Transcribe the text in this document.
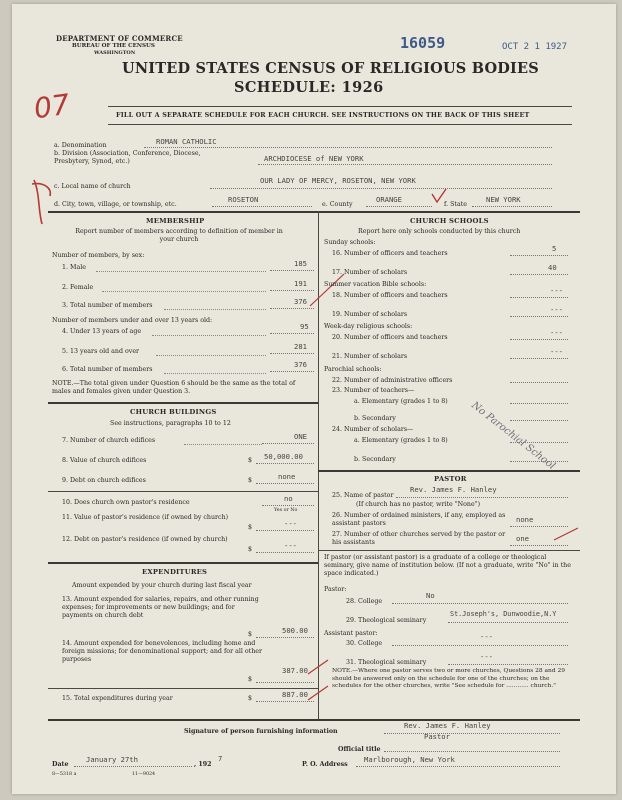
DEPARTMENT OF COMMERCE
BUREAU OF THE CENSUS
WASHINGTON
16059	OCT 2 1 1927
UNITED STATES CENSUS OF RELIGIOUS BODIES
SCHEDULE: 1926
07	FILL OUT A SEPARATE SCHEDULE FOR EACH CHURCH. SEE INSTRUCTIONS ON THE BACK OF THIS SHEET
a. Denomination	ROMAN CATHOLIC
b. Division (Association, Conference, Diocese, Presbytery, Synod, etc.)	ARCHDIOCESE of NEW YORK
c. Local name of church
OUR LADY OF MERCY, ROSETON, NEW YORK
d. City, town, village, or township, etc.
ROSETON
e. County
ORANGE
f. State
NEW YORK
MEMBERSHIP
Report number of members according to definition of member in your church
Number of members, by sex:
1. Male	185
2. Female	191
3. Total number of members	376
Number of members under and over 13 years old:
4. Under 13 years of age
95
5. 13 years old and over
281
6. Total number of members
376
NOTE.—The total given under Question 6 should be the same as the total of males and females given under Question 3.
CHURCH BUILDINGS
See instructions, paragraphs 10 to 12
7. Number of church edifices	ONE
8. Value of church edifices	$ 50,000.00
9. Debt on church edifices	$	none
10. Does church own pastor's residence	no
Yes or No
11. Value of pastor's residence (if owned by church)
$	---
12. Debt on pastor's residence (if owned by church)
$	---
EXPENDITURES
Amount expended by your church during last fiscal year
13. Amount expended for salaries, repairs, and other running expenses; for improvements or new buildings; and for payments on church debt
$	500.00
14. Amount expended for benevolences, including home and foreign missions; for denominational support; and for all other purposes
$
387.00
15. Total expenditures during year	$	887.00
CHURCH SCHOOLS
Report here only schools conducted by this church
Sunday schools:
16. Number of officers and teachers
5
17. Number of scholars
40
Summer vacation Bible schools:
18. Number of officers and teachers
---
19. Number of scholars
---
Week-day religious schools:
20. Number of officers and teachers
---
21. Number of scholars
---
Parochial schools:
22. Number of administrative officers
23. Number of teachers—
a. Elementary (grades 1 to 8)
b. Secondary
24. Number of scholars—
a. Elementary (grades 1 to 8)
b. Secondary	No Parochial School
PASTOR
25. Name of pastor
Rev. James F. Hanley
(If church has no pastor, write "None")
26. Number of ordained ministers, if any, employed as assistant pastors	none
27. Number of other churches served by the pastor or his assistants	one
If pastor (or assistant pastor) is a graduate of a college or theological seminary, give name of institution below. (If not a graduate, write "No" in the space indicated.)
Pastor:
28. College
No
29. Theological seminary
St.Joseph's, Dunwoodie,N.Y
Assistant pastor:
30. College
---
31. Theological seminary
---
NOTE.—Where one pastor serves two or more churches, Questions 28 and 29 should be answered only on the schedule for one of the churches; on the schedules for the other churches, write "See schedule for ............ church."
Signature of person furnishing information
Rev. James F. Hanley
Official title
Pastor
Date
January 27th
, 192
7
P. O. Address
Marlborough, New York
8—5318 a	11—9024
